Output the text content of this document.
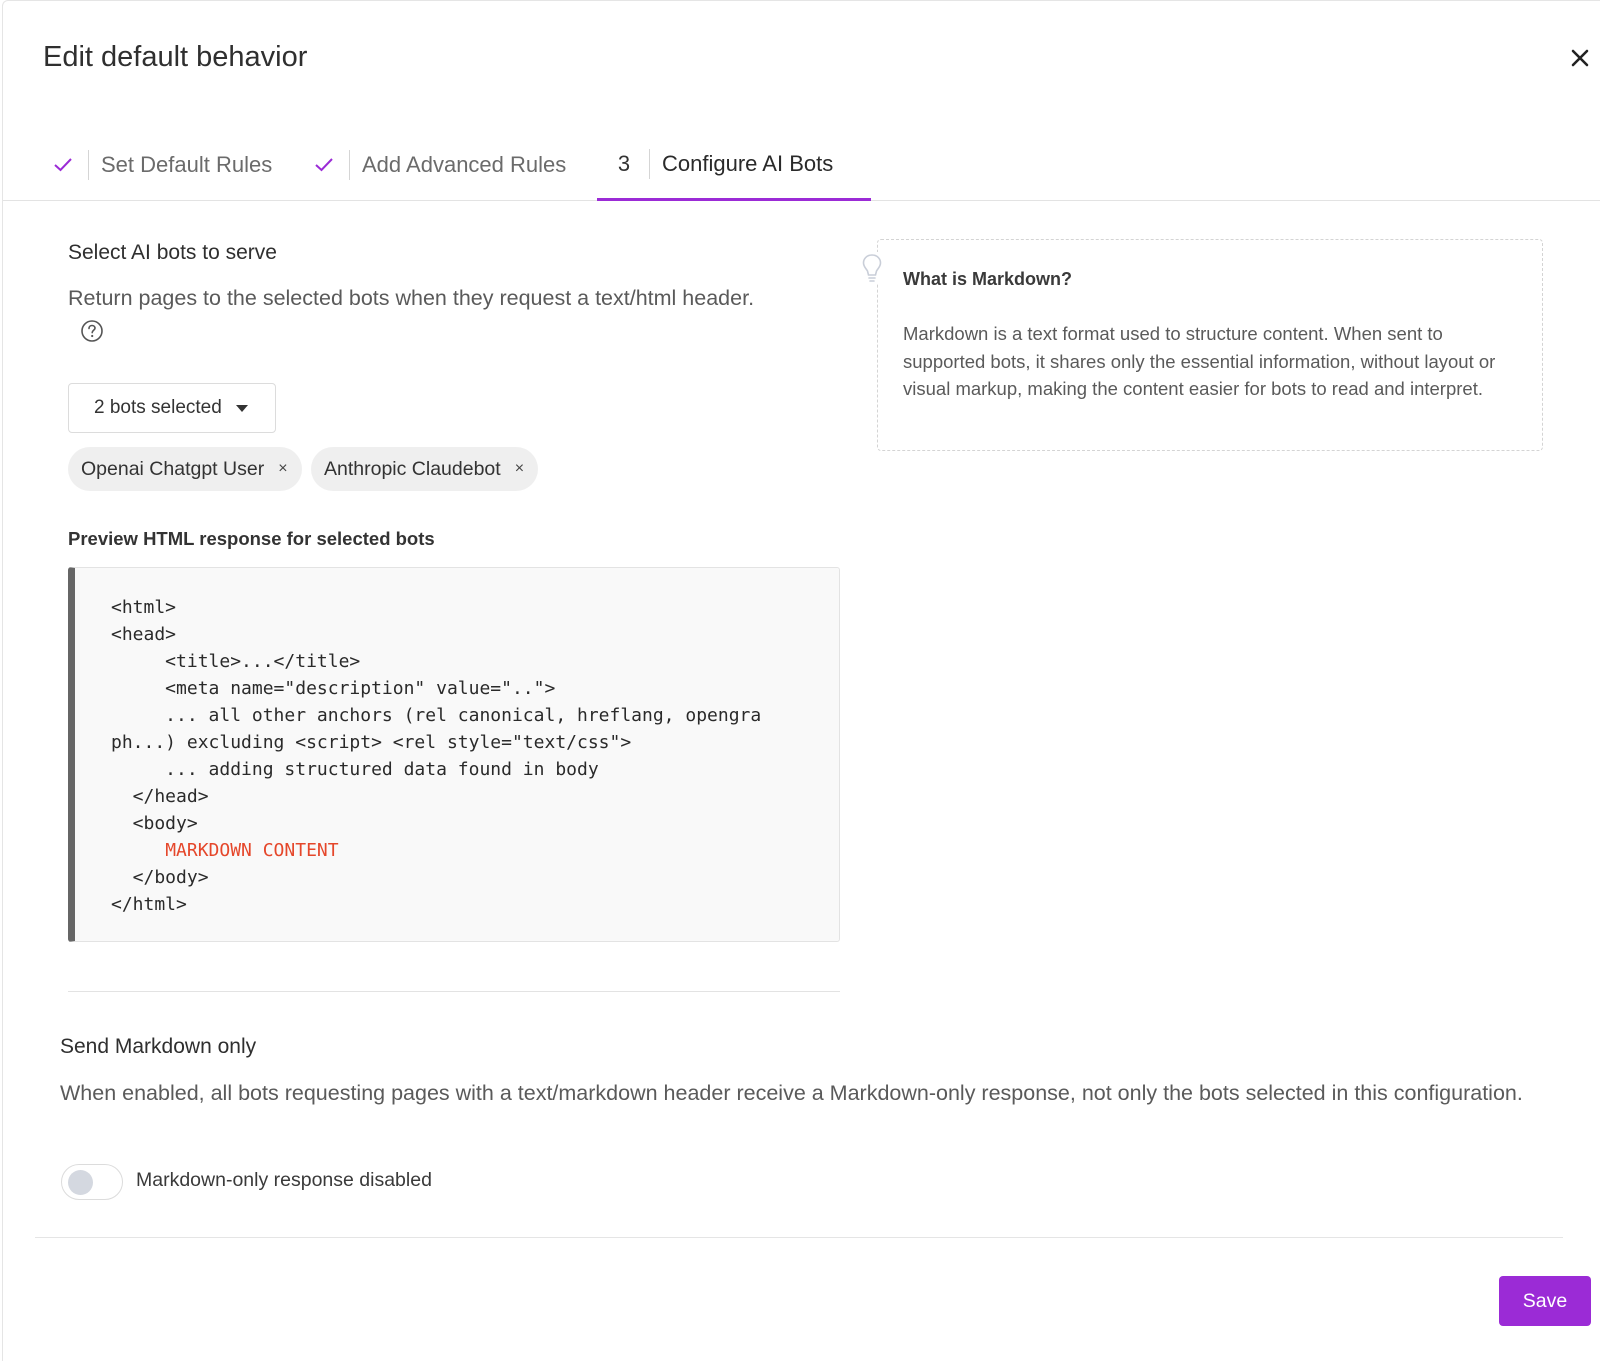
Edit default behavior
Set Default Rules	Add Advanced Rules	3	Configure AI Bots
Select AI bots to serve
Return pages to the selected bots when they request a text/html header.
2 bots selected
Openai Chatgpt User × Anthropic Claudebot ×
Preview HTML response for selected bots
<html>
<head>
<title>...</title>
<meta name="description" value="..">
... all other anchors (rel canonical, hreflang, opengra
ph...) excluding <script> <rel style="text/css">
... adding structured data found in body
</head>
<body>
MARKDOWN CONTENT
</body>
</html>
What is Markdown?
Markdown is a text format used to structure content. When sent to supported bots, it shares only the essential information, without layout or visual markup, making the content easier for bots to read and interpret.
Send Markdown only
When enabled, all bots requesting pages with a text/markdown header receive a Markdown-only response, not only the bots selected in this configuration.
Markdown-only response disabled
Save
